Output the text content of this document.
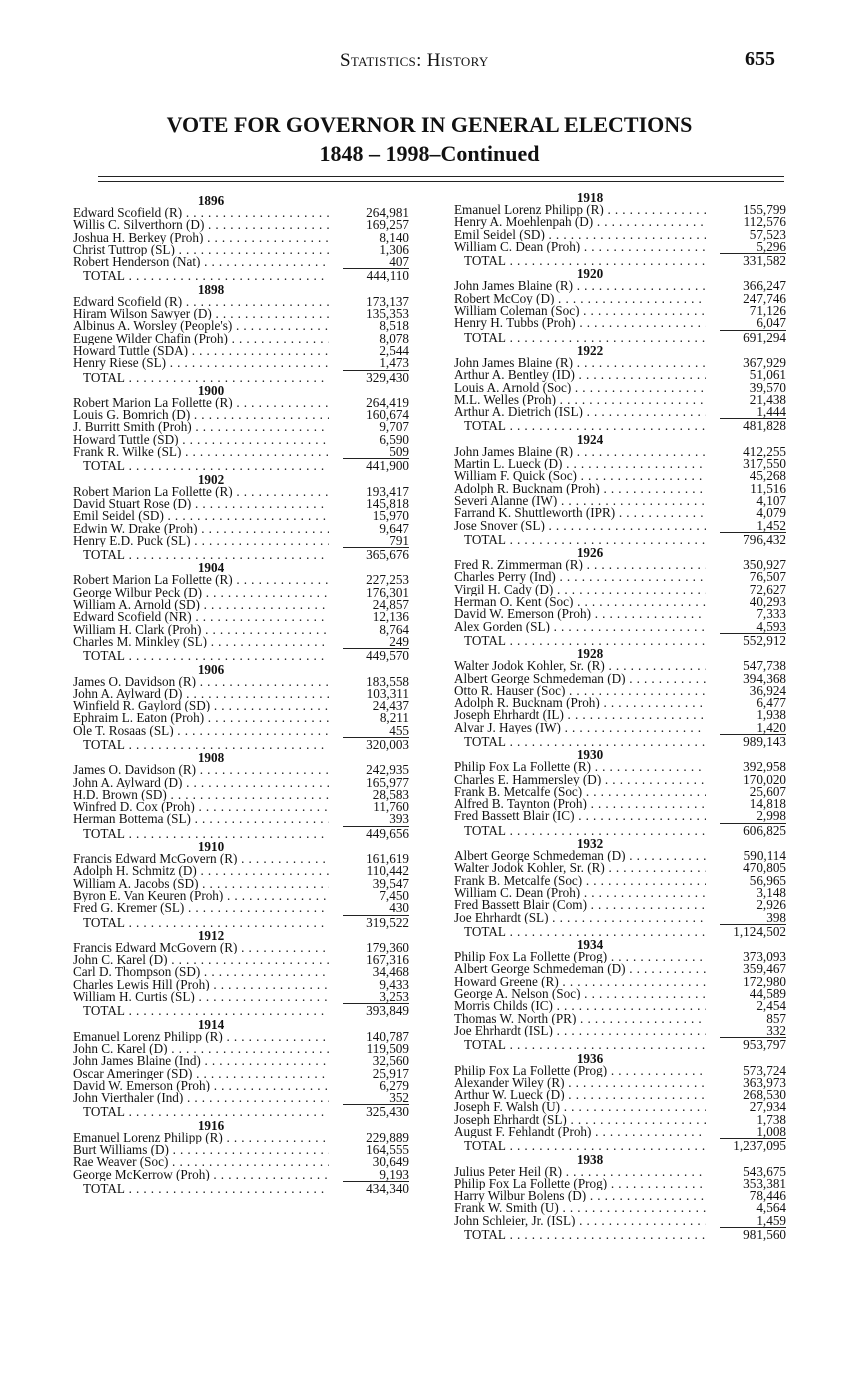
Statistics: History	655
VOTE FOR GOVERNOR IN GENERAL ELECTIONS
1848 – 1998–Continued
1896
Edward Scofield (R) . . .	264,981
Willis C. Silverthorn (D) . . .	169,257
Joshua H. Berkey (Proh) . . .	8,140
Christ Tuttrop (SL) . . .	1,306
Robert Henderson (Nat) . . .	407
TOTAL . . .	444,110
1898
Edward Scofield (R) . . .	173,137
Hiram Wilson Sawyer (D) . . .	135,353
Albinus A. Worsley (People's) . . .	8,518
Eugene Wilder Chafin (Proh) . . .	8,078
Howard Tuttle (SDA) . . .	2,544
Henry Riese (SL) . . .	1,473
TOTAL . . .	329,430
1900
Robert Marion La Follette (R) . . .	264,419
Louis G. Bomrich (D) . . .	160,674
J. Burritt Smith (Proh) . . .	9,707
Howard Tuttle (SD) . . .	6,590
Frank R. Wilke (SL) . . .	509
TOTAL . . .	441,900
1902
Robert Marion La Follette (R) . . .	193,417
David Stuart Rose (D) . . .	145,818
Emil Seidel (SD) . . .	15,970
Edwin W. Drake (Proh) . . .	9,647
Henry E.D. Puck (SL) . . .	791
TOTAL . . .	365,676
1904
Robert Marion La Follette (R) . . .	227,253
George Wilbur Peck (D) . . .	176,301
William A. Arnold (SD) . . .	24,857
Edward Scofield (NR) . . .	12,136
William H. Clark (Proh) . . .	8,764
Charles M. Minkley (SL) . . .	249
TOTAL . . .	449,570
1906
James O. Davidson (R) . . .	183,558
John A. Aylward (D) . . .	103,311
Winfield R. Gaylord (SD) . . .	24,437
Ephraim L. Eaton (Proh) . . .	8,211
Ole T. Rosaas (SL) . . .	455
TOTAL . . .	320,003
1908
James O. Davidson (R) . . .	242,935
John A. Aylward (D) . . .	165,977
H.D. Brown (SD) . . .	28,583
Winfred D. Cox (Proh) . . .	11,760
Herman Bottema (SL) . . .	393
TOTAL . . .	449,656
1910
Francis Edward McGovern (R) . . .	161,619
Adolph H. Schmitz (D) . . .	110,442
William A. Jacobs (SD) . . .	39,547
Byron E. Van Keuren (Proh) . . .	7,450
Fred G. Kremer (SL) . . .	430
TOTAL . . .	319,522
1912
Francis Edward McGovern (R) . . .	179,360
John C. Karel (D) . . .	167,316
Carl D. Thompson (SD) . . .	34,468
Charles Lewis Hill (Proh) . . .	9,433
William H. Curtis (SL) . . .	3,253
TOTAL . . .	393,849
1914
Emanuel Lorenz Philipp (R) . . .	140,787
John C. Karel (D) . . .	119,509
John James Blaine (Ind) . . .	32,560
Oscar Ameringer (SD) . . .	25,917
David W. Emerson (Proh) . . .	6,279
John Vierthaler (Ind) . . .	352
TOTAL . . .	325,430
1916
Emanuel Lorenz Philipp (R) . . .	229,889
Burt Williams (D) . . .	164,555
Rae Weaver (Soc) . . .	30,649
George McKerrow (Proh) . . .	9,193
TOTAL . . .	434,340
1918
Emanuel Lorenz Philipp (R) . . .	155,799
Henry A. Moehlenpah (D) . . .	112,576
Emil Seidel (SD) . . .	57,523
William C. Dean (Proh) . . .	5,296
TOTAL . . .	331,582
1920
John James Blaine (R) . . .	366,247
Robert McCoy (D) . . .	247,746
William Coleman (Soc) . . .	71,126
Henry H. Tubbs (Proh) . . .	6,047
TOTAL . . .	691,294
1922
John James Blaine (R) . . .	367,929
Arthur A. Bentley (ID) . . .	51,061
Louis A. Arnold (Soc) . . .	39,570
M.L. Welles (Proh) . . .	21,438
Arthur A. Dietrich (ISL) . . .	1,444
TOTAL . . .	481,828
1924
John James Blaine (R) . . .	412,255
Martin L. Lueck (D) . . .	317,550
William F. Quick (Soc) . . .	45,268
Adolph R. Bucknam (Proh) . . .	11,516
Severi Alanne (IW) . . .	4,107
Farrand K. Shuttleworth (IPR) . . .	4,079
Jose Snover (SL) . . .	1,452
TOTAL . . .	796,432
1926
Fred R. Zimmerman (R) . . .	350,927
Charles Perry (Ind) . . .	76,507
Virgil H. Cady (D) . . .	72,627
Herman O. Kent (Soc) . . .	40,293
David W. Emerson (Proh) . . .	7,333
Alex Gorden (SL) . . .	4,593
TOTAL . . .	552,912
1928
Walter Jodok Kohler, Sr. (R) . . .	547,738
Albert George Schmedeman (D) . . .	394,368
Otto R. Hauser (Soc) . . .	36,924
Adolph R. Bucknam (Proh) . . .	6,477
Joseph Ehrhardt (IL) . . .	1,938
Alvar J. Hayes (IW) . . .	1,420
TOTAL . . .	989,143
1930
Philip Fox La Follette (R) . . .	392,958
Charles E. Hammersley (D) . . .	170,020
Frank B. Metcalfe (Soc) . . .	25,607
Alfred B. Taynton (Proh) . . .	14,818
Fred Bassett Blair (IC) . . .	2,998
TOTAL . . .	606,825
1932
Albert George Schmedeman (D) . . .	590,114
Walter Jodok Kohler, Sr. (R) . . .	470,805
Frank B. Metcalfe (Soc) . . .	56,965
William C. Dean (Proh) . . .	3,148
Fred Bassett Blair (Com) . . .	2,926
Joe Ehrhardt (SL) . . .	398
TOTAL . . .	1,124,502
1934
Philip Fox La Follette (Prog) . . .	373,093
Albert George Schmedeman (D) . . .	359,467
Howard Greene (R) . . .	172,980
George A. Nelson (Soc) . . .	44,589
Morris Childs (IC) . . .	2,454
Thomas W. North (PR) . . .	857
Joe Ehrhardt (ISL) . . .	332
TOTAL . . .	953,797
1936
Philip Fox La Follette (Prog) . . .	573,724
Alexander Wiley (R) . . .	363,973
Arthur W. Lueck (D) . . .	268,530
Joseph F. Walsh (U) . . .	27,934
Joseph Ehrhardt (SL) . . .	1,738
August F. Fehlandt (Proh) . . .	1,008
TOTAL . . .	1,237,095
1938
Julius Peter Heil (R) . . .	543,675
Philip Fox La Follette (Prog) . . .	353,381
Harry Wilbur Bolens (D) . . .	78,446
Frank W. Smith (U) . . .	4,564
John Schleier, Jr. (ISL) . . .	1,459
TOTAL . . .	981,560
